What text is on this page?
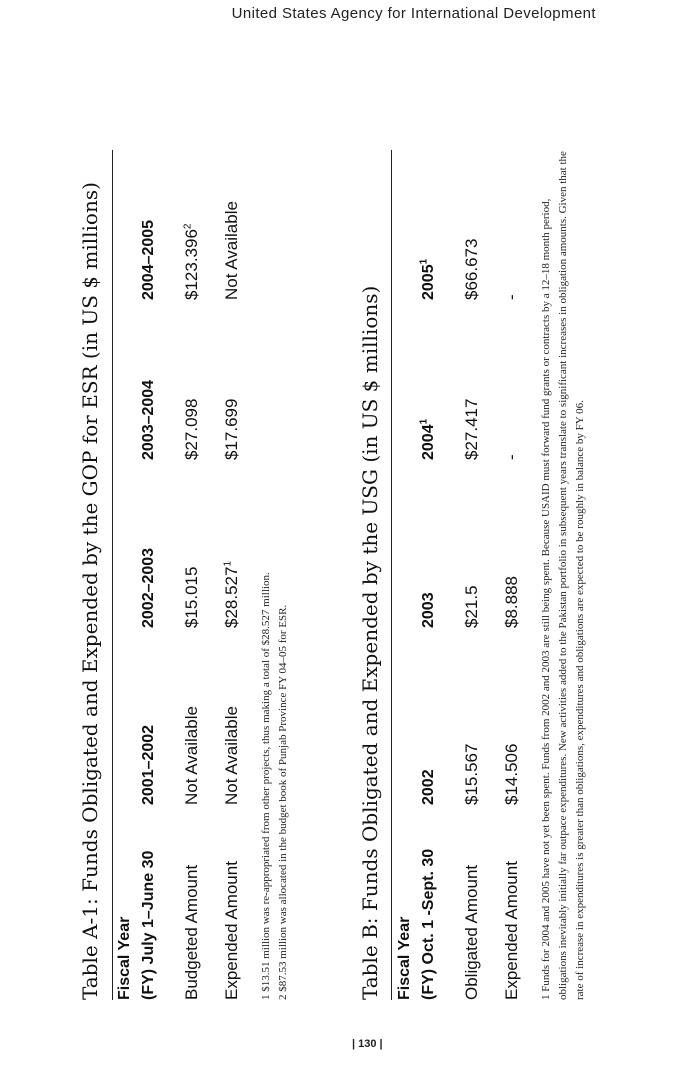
United States Agency for International Development
Table A-1: Funds Obligated and Expended by the GOP for ESR (in US $ millions) Fiscal Year (FY) July 1–June 30
2001–2002
2002–2003
2003–2004
2004–2005
Budgeted Amount
Not Available
$15.015
$27.098
$123.396$^2$
Expended Amount
Not Available
$28.527$^1$
$17.699
Not Available
1 $13.51 million was re-appropriated from other projects, thus making a total of $28.527 million. 2 $87.53 million was allocated in the budget book of Punjab Province FY 04–05 for ESR.	Table B: Funds Obligated and Expended by the USG (in US $ millions) Fiscal Year (FY) Oct. 1 -Sept. 30
2002
2003
2004$^1$
2005$^1$
Obligated Amount
$15.567
$21.5
$27.417
$66.673
Expended Amount
$14.506
$8.888
-
- 1 Funds for 2004 and 2005 have not yet been spent. Funds from 2002 and 2003 are still being spent. Because USAID must forward fund grants or contracts by a 12–18 month period, obligations inevitably initially far outpace expenditures. New activities added to the Pakistan portfolio in subsequent years translate to significant increases in obligation amounts. Given that the rate of increase in expenditures is greater than obligations, expenditures and obligations are expected to be roughly in balance by FY 06.
| 130 |
